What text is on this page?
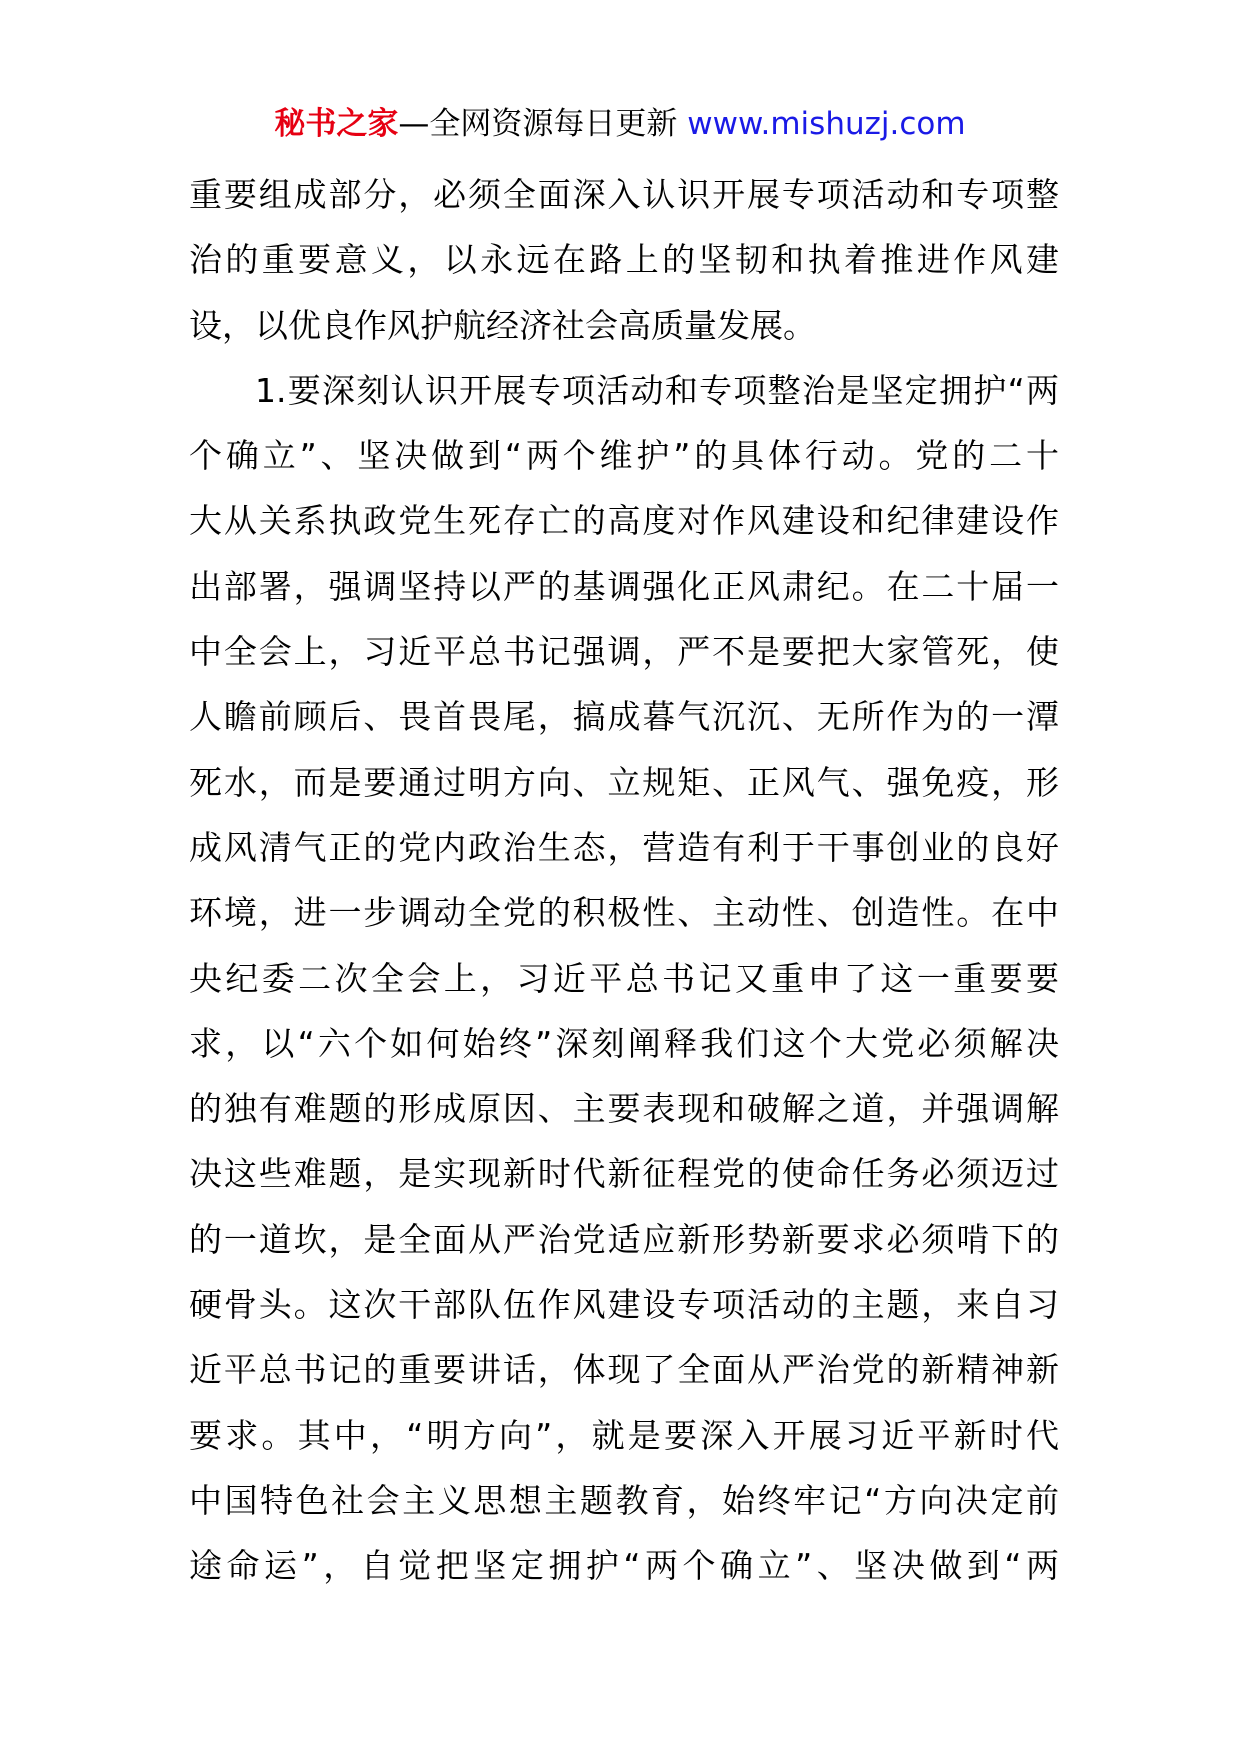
秘书之家—全网资源每日更新 www.mishuzj.com
重要组成部分，必须全面深入认识开展专项活动和专项整
治的重要意义，以永远在路上的坚韧和执着推进作风建
设，以优良作风护航经济社会高质量发展。
1.要深刻认识开展专项活动和专项整治是坚定拥护“两
个确立”、坚决做到“两个维护”的具体行动。党的二十
大从关系执政党生死存亡的高度对作风建设和纪律建设作
出部署，强调坚持以严的基调强化正风肃纪。在二十届一
中全会上，习近平总书记强调，严不是要把大家管死，使
人瞻前顾后、畏首畏尾，搞成暮气沉沉、无所作为的一潭
死水，而是要通过明方向、立规矩、正风气、强免疫，形
成风清气正的党内政治生态，营造有利于干事创业的良好
环境，进一步调动全党的积极性、主动性、创造性。在中
央纪委二次全会上，习近平总书记又重申了这一重要要
求，以“六个如何始终”深刻阐释我们这个大党必须解决
的独有难题的形成原因、主要表现和破解之道，并强调解
决这些难题，是实现新时代新征程党的使命任务必须迈过
的一道坎，是全面从严治党适应新形势新要求必须啃下的
硬骨头。这次干部队伍作风建设专项活动的主题，来自习
近平总书记的重要讲话，体现了全面从严治党的新精神新
要求。其中，“明方向”，就是要深入开展习近平新时代
中国特色社会主义思想主题教育，始终牢记“方向决定前
途命运”，自觉把坚定拥护“两个确立”、坚决做到“两
